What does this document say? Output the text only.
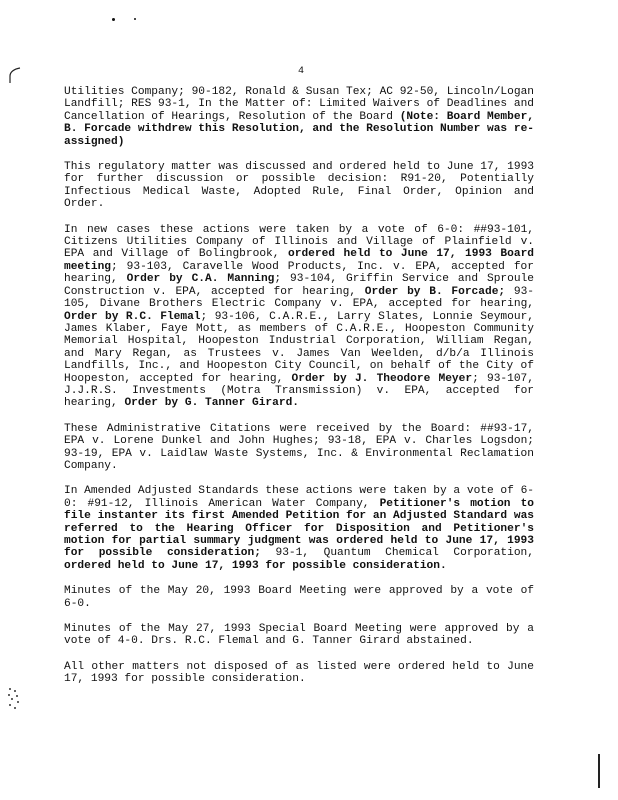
4

Utilities Company; 90-182, Ronald & Susan Tex; AC 92-50, Lincoln/Logan Landfill; RES 93-1, In the Matter of: Limited Waivers of Deadlines and Cancellation of Hearings, Resolution of the Board (Note: Board Member, B. Forcade withdrew this Resolution, and the Resolution Number was re-assigned)

This regulatory matter was discussed and ordered held to June 17, 1993 for further discussion or possible decision: R91-20, Potentially Infectious Medical Waste, Adopted Rule, Final Order, Opinion and Order.

In new cases these actions were taken by a vote of 6-0: ##93-101, Citizens Utilities Company of Illinois and Village of Plainfield v. EPA and Village of Bolingbrook, ordered held to June 17, 1993 Board meeting; 93-103, Caravelle Wood Products, Inc. v. EPA, accepted for hearing, Order by C.A. Manning; 93-104, Griffin Service and Sproule Construction v. EPA, accepted for hearing, Order by B. Forcade; 93-105, Divane Brothers Electric Company v. EPA, accepted for hearing, Order by R.C. Flemal; 93-106, C.A.R.E., Larry Slates, Lonnie Seymour, James Klaber, Faye Mott, as members of C.A.R.E., Hoopeston Community Memorial Hospital, Hoopeston Industrial Corporation, William Regan, and Mary Regan, as Trustees v. James Van Weelden, d/b/a Illinois Landfills, Inc., and Hoopeston City Council, on behalf of the City of Hoopeston, accepted for hearing, Order by J. Theodore Meyer; 93-107, J.J.R.S. Investments (Motra Transmission) v. EPA, accepted for hearing, Order by G. Tanner Girard.

These Administrative Citations were received by the Board: ##93-17, EPA v. Lorene Dunkel and John Hughes; 93-18, EPA v. Charles Logsdon; 93-19, EPA v. Laidlaw Waste Systems, Inc. & Environmental Reclamation Company.

In Amended Adjusted Standards these actions were taken by a vote of 6-0: #91-12, Illinois American Water Company, Petitioner's motion to file instanter its first Amended Petition for an Adjusted Standard was referred to the Hearing Officer for Disposition and Petitioner's motion for partial summary judgment was ordered held to June 17, 1993 for possible consideration; 93-1, Quantum Chemical Corporation, ordered held to June 17, 1993 for possible consideration.

Minutes of the May 20, 1993 Board Meeting were approved by a vote of 6-0.

Minutes of the May 27, 1993 Special Board Meeting were approved by a vote of 4-0. Drs. R.C. Flemal and G. Tanner Girard abstained.

All other matters not disposed of as listed were ordered held to June 17, 1993 for possible consideration.
